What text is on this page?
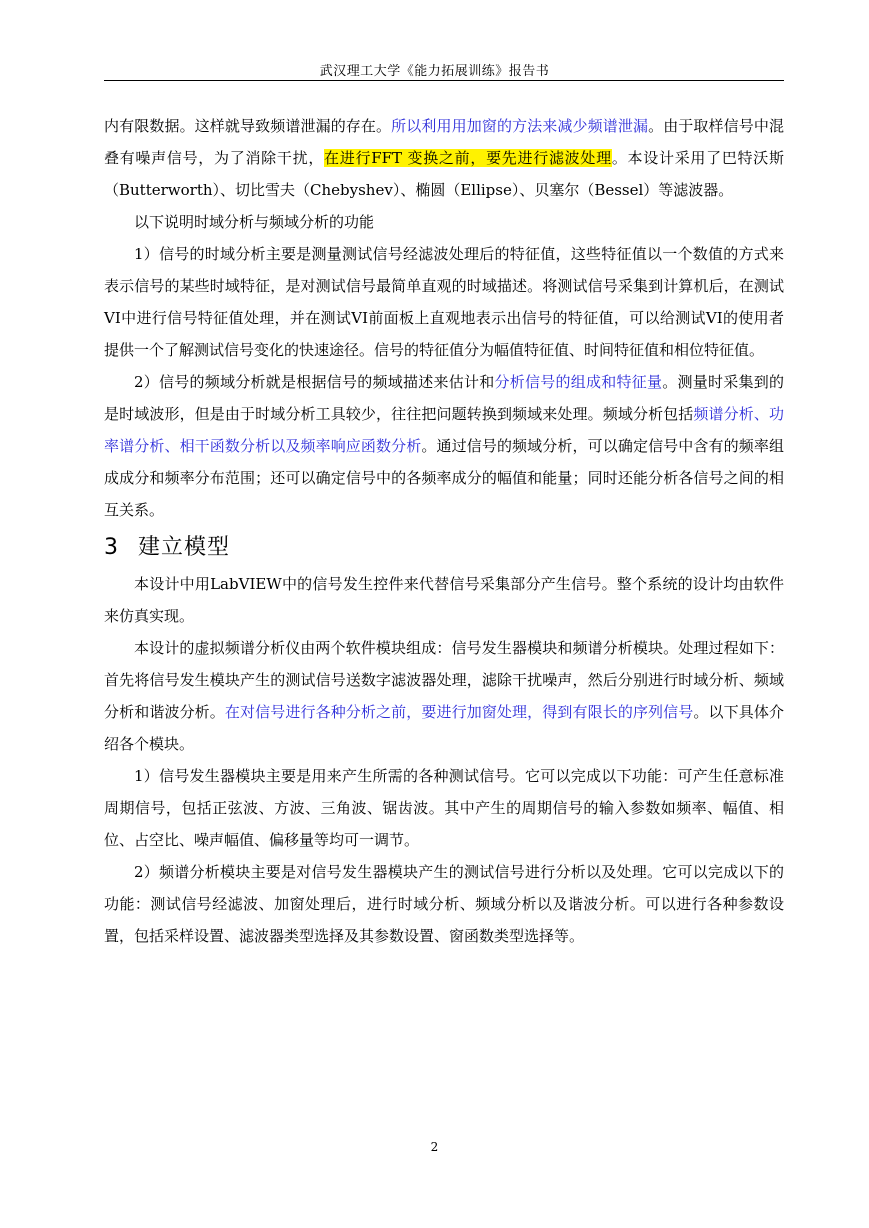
武汉理工大学《能力拓展训练》报告书

内有限数据。这样就导致频谱泄漏的存在。所以利用用加窗的方法来减少频谱泄漏。由于取样信号中混叠有噪声信号，为了消除干扰，在进行FFT 变换之前，要先进行滤波处理。本设计采用了巴特沃斯（Butterworth）、切比雪夫（Chebyshev）、椭圆（Ellipse）、贝塞尔（Bessel）等滤波器。

以下说明时域分析与频域分析的功能

1）信号的时域分析主要是测量测试信号经滤波处理后的特征值，这些特征值以一个数值的方式来表示信号的某些时域特征，是对测试信号最简单直观的时域描述。将测试信号采集到计算机后，在测试VI中进行信号特征值处理，并在测试VI前面板上直观地表示出信号的特征值，可以给测试VI的使用者提供一个了解测试信号变化的快速途径。信号的特征值分为幅值特征值、时间特征值和相位特征值。

2）信号的频域分析就是根据信号的频域描述来估计和分析信号的组成和特征量。测量时采集到的是时域波形，但是由于时域分析工具较少，往往把问题转换到频域来处理。频域分析包括频谱分析、功率谱分析、相干函数分析以及频率响应函数分析。通过信号的频域分析，可以确定信号中含有的频率组成成分和频率分布范围；还可以确定信号中的各频率成分的幅值和能量；同时还能分析各信号之间的相互关系。

3 建立模型

本设计中用LabVIEW中的信号发生控件来代替信号采集部分产生信号。整个系统的设计均由软件来仿真实现。

本设计的虚拟频谱分析仪由两个软件模块组成：信号发生器模块和频谱分析模块。处理过程如下：首先将信号发生模块产生的测试信号送数字滤波器处理，滤除干扰噪声，然后分别进行时域分析、频域分析和谐波分析。在对信号进行各种分析之前，要进行加窗处理，得到有限长的序列信号。以下具体介绍各个模块。

1）信号发生器模块主要是用来产生所需的各种测试信号。它可以完成以下功能：可产生任意标准周期信号，包括正弦波、方波、三角波、锯齿波。其中产生的周期信号的输入参数如频率、幅值、相位、占空比、噪声幅值、偏移量等均可一调节。

2）频谱分析模块主要是对信号发生器模块产生的测试信号进行分析以及处理。它可以完成以下的功能：测试信号经滤波、加窗处理后，进行时域分析、频域分析以及谐波分析。可以进行各种参数设置，包括采样设置、滤波器类型选择及其参数设置、窗函数类型选择等。

2
